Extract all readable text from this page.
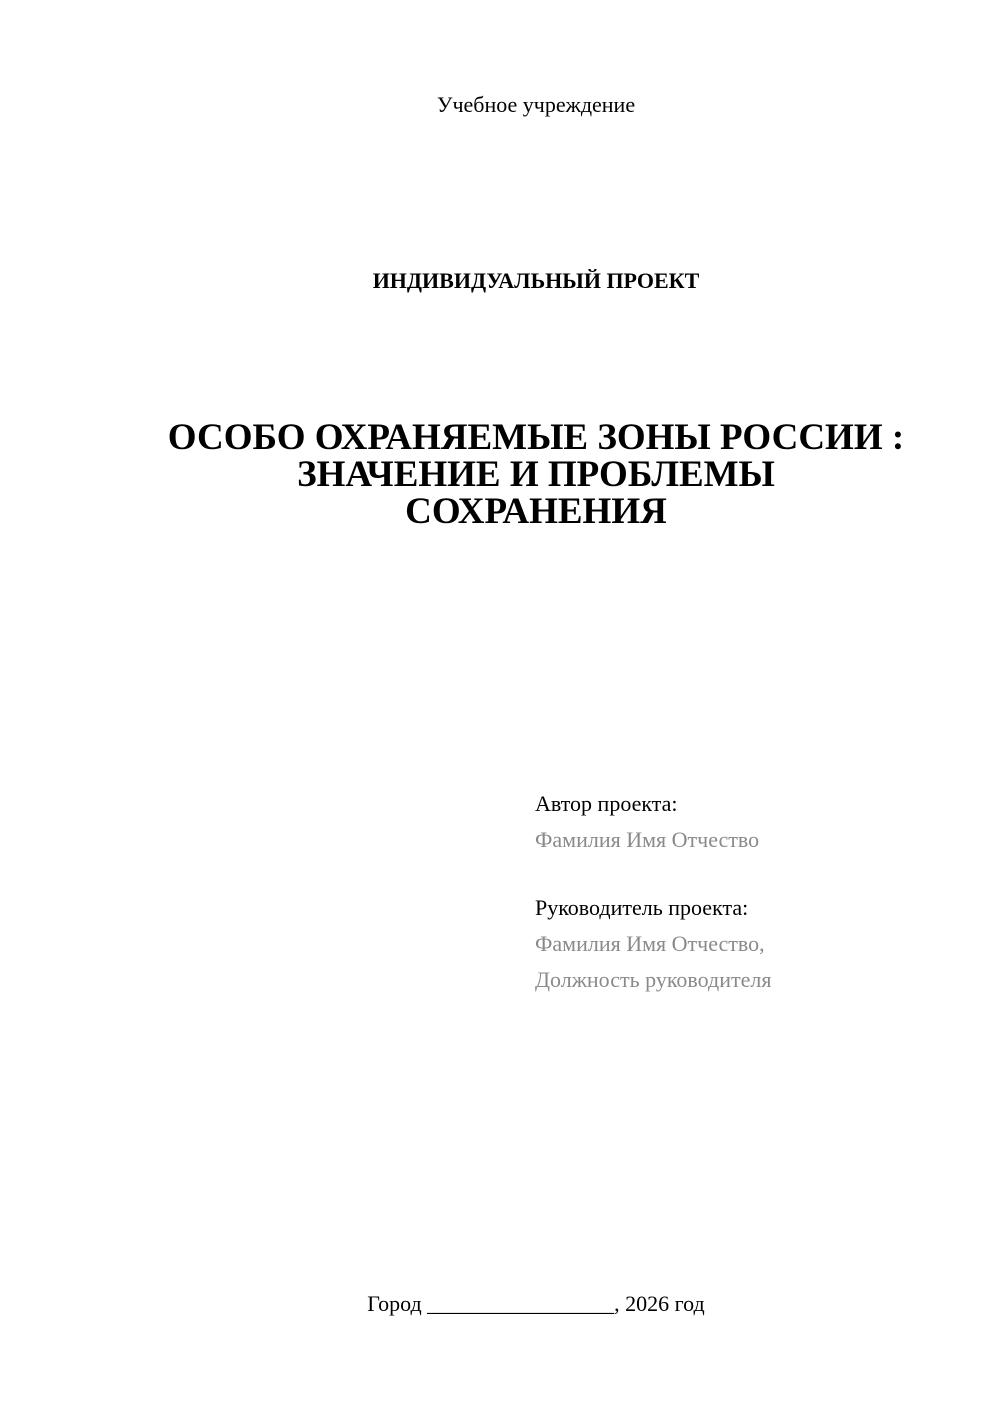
Учебное учреждение
ИНДИВИДУАЛЬНЫЙ ПРОЕКТ
ОСОБО ОХРАНЯЕМЫЕ ЗОНЫ РОССИИ :
ЗНАЧЕНИЕ И ПРОБЛЕМЫ
СОХРАНЕНИЯ
Автор проекта:
Фамилия Имя Отчество
Руководитель проекта:
Фамилия Имя Отчество,
Должность руководителя
Город _________________, 2026 год
